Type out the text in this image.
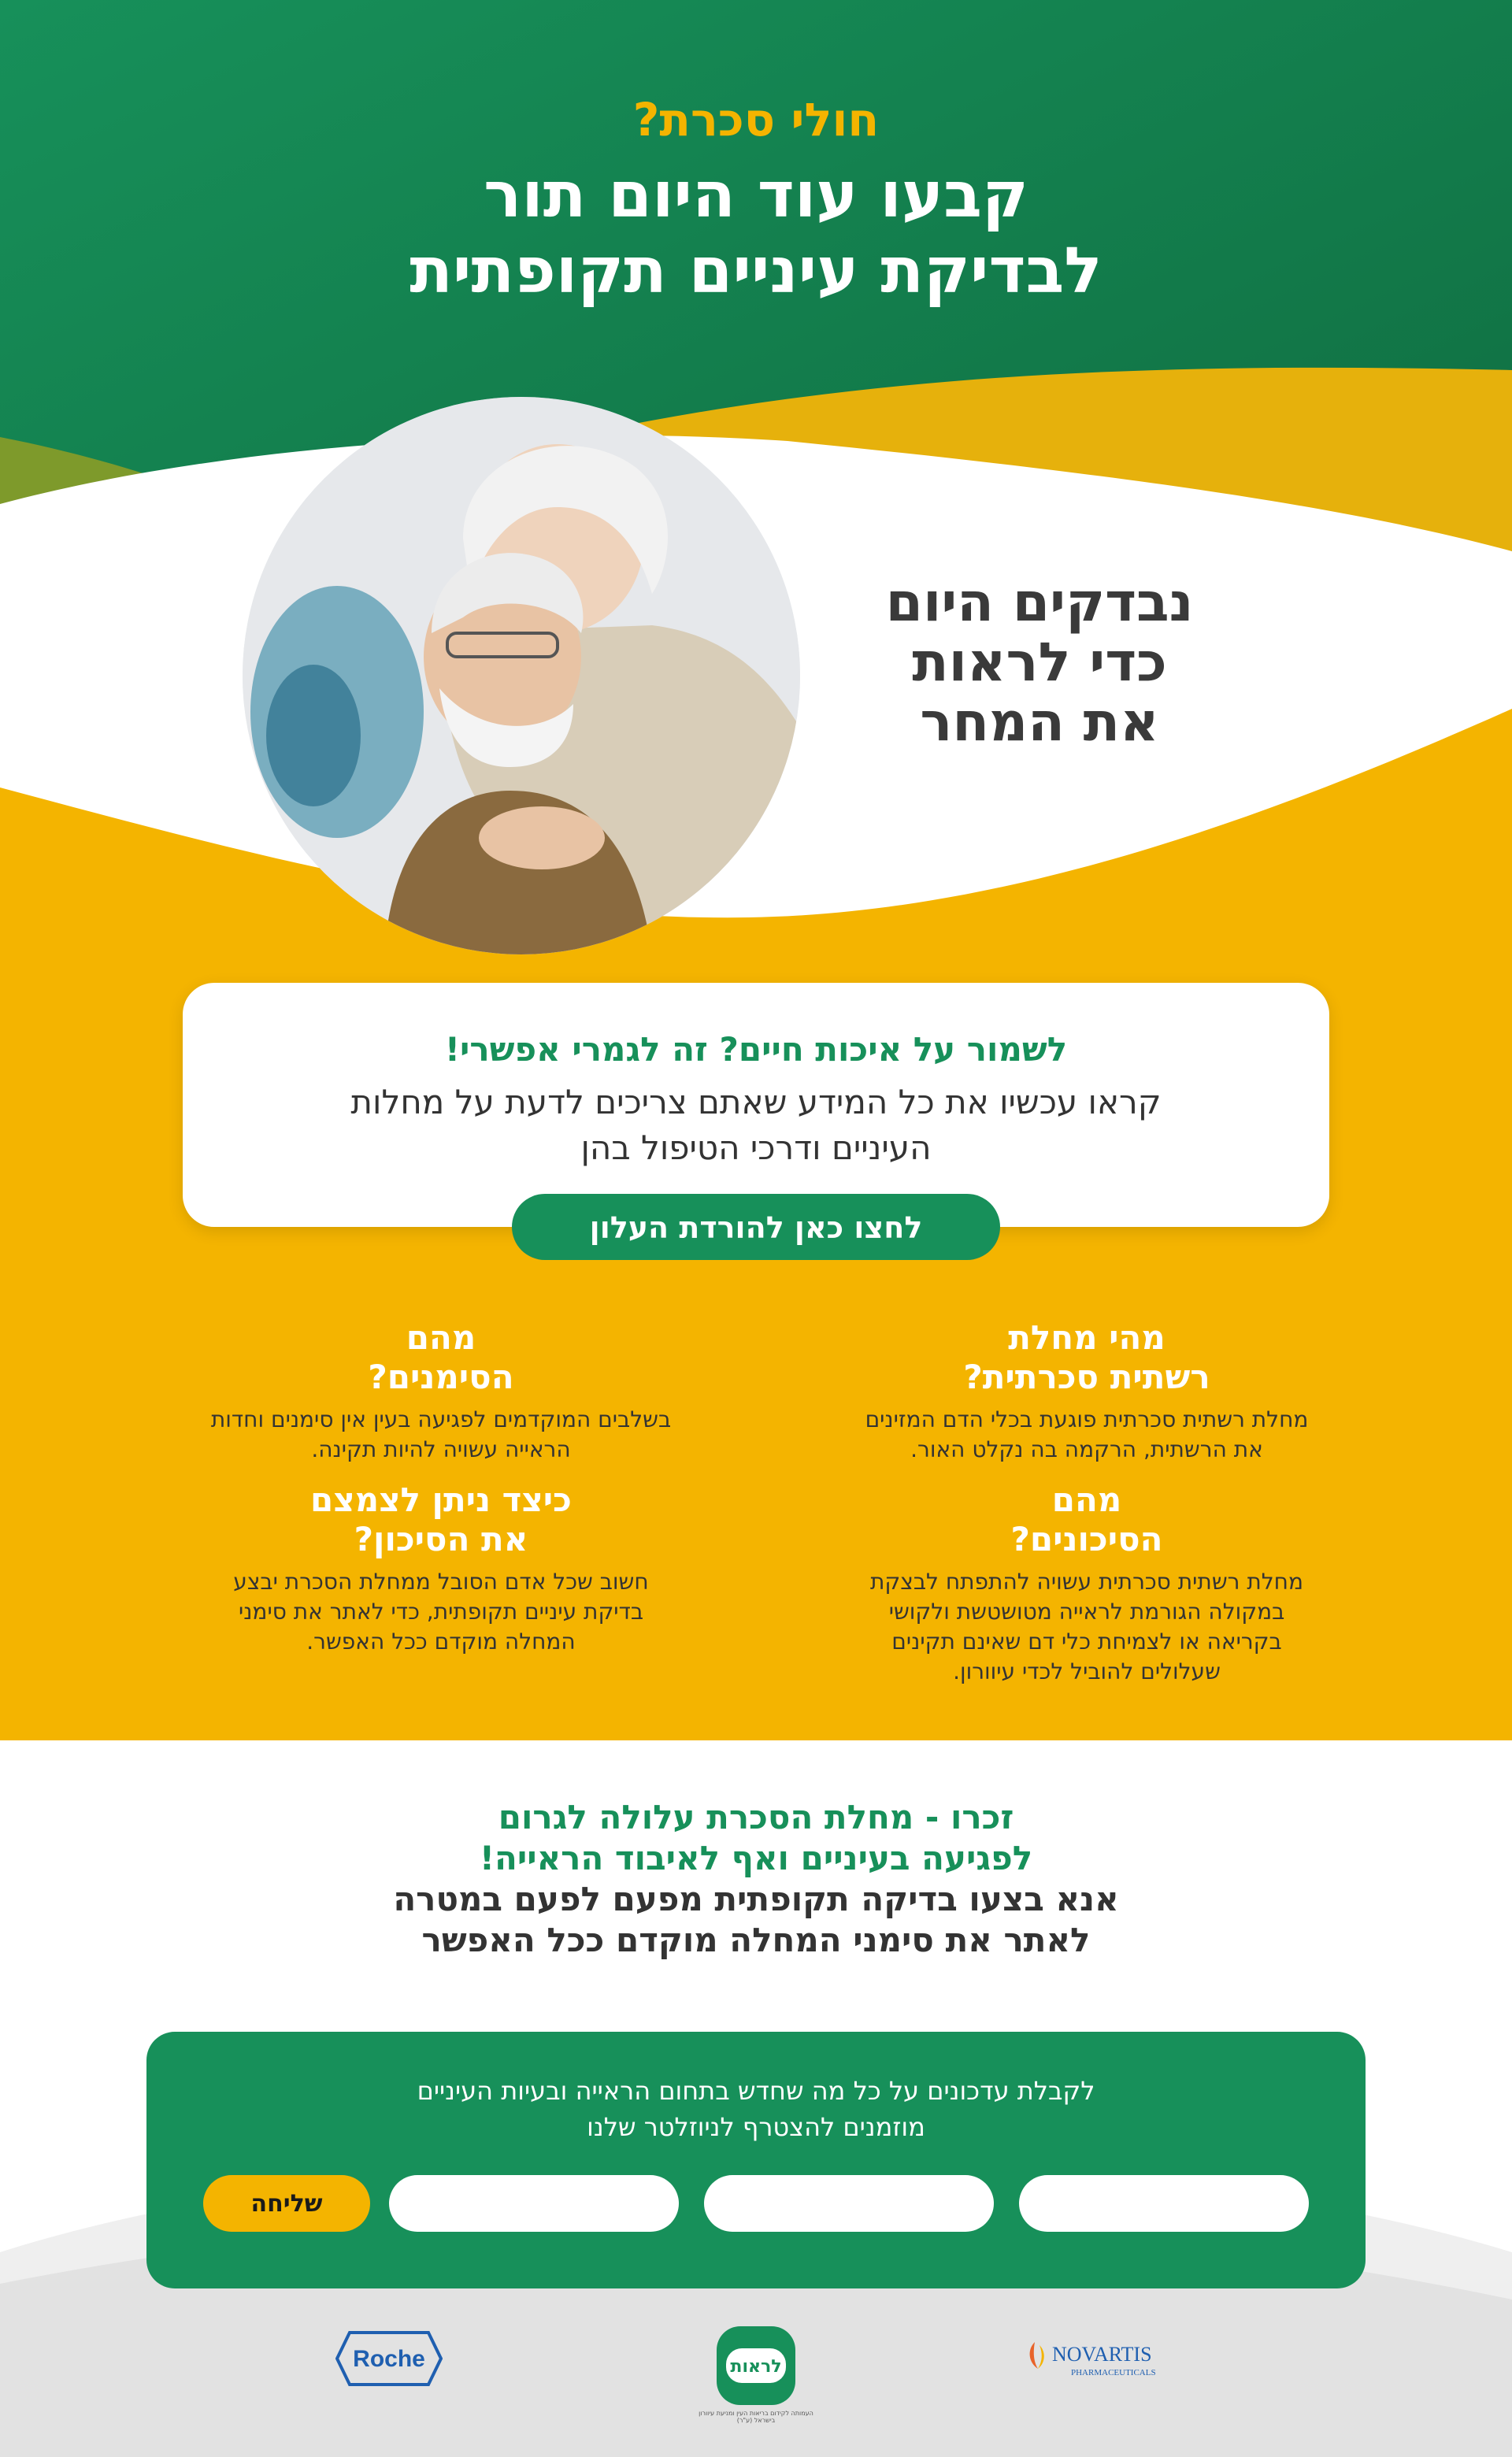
חולי סכרת?
קבעו עוד היום תור
לבדיקת עיניים תקופתית
נבדקים היום
כדי לראות
את המחר
לשמור על איכות חיים? זה לגמרי אפשרי!
קראו עכשיו את כל המידע שאתם צריכים לדעת על מחלות העיניים ודרכי הטיפול בהן
לחצו כאן להורדת העלון
מהי מחלת
רשתית סכרתית?
מחלת רשתית סכרתית פוגעת בכלי הדם המזינים את הרשתית, הרקמה בה נקלט האור.
מהם
הסימנים?
בשלבים המוקדמים לפגיעה בעין אין סימנים וחדות הראייה עשויה להיות תקינה.
מהם
הסיכונים?
מחלת רשתית סכרתית עשויה להתפתח לבצקת במקולה הגורמת לראייה מטושטשת ולקושי בקריאה או לצמיחת כלי דם שאינם תקינים שעלולים להוביל לכדי עיוורון.
כיצד ניתן לצמצם
את הסיכון?
חשוב שכל אדם הסובל ממחלת הסכרת יבצע בדיקת עיניים תקופתית, כדי לאתר את סימני המחלה מוקדם ככל האפשר.
זכרו - מחלת הסכרת עלולה לגרום
לפגיעה בעיניים ואף לאיבוד הראייה!
אנא בצעו בדיקה תקופתית מפעם לפעם במטרה
לאתר את סימני המחלה מוקדם ככל האפשר
לקבלת עדכונים על כל מה שחדש בתחום הראייה ובעיות העיניים
מוזמנים להצטרף לניוזלטר שלנו
שליחה
Roche	לראות
העמותה לקידום בריאות העין ומניעת עיוורון בישראל (ע"ר)
NOVARTIS
PHARMACEUTICALS
